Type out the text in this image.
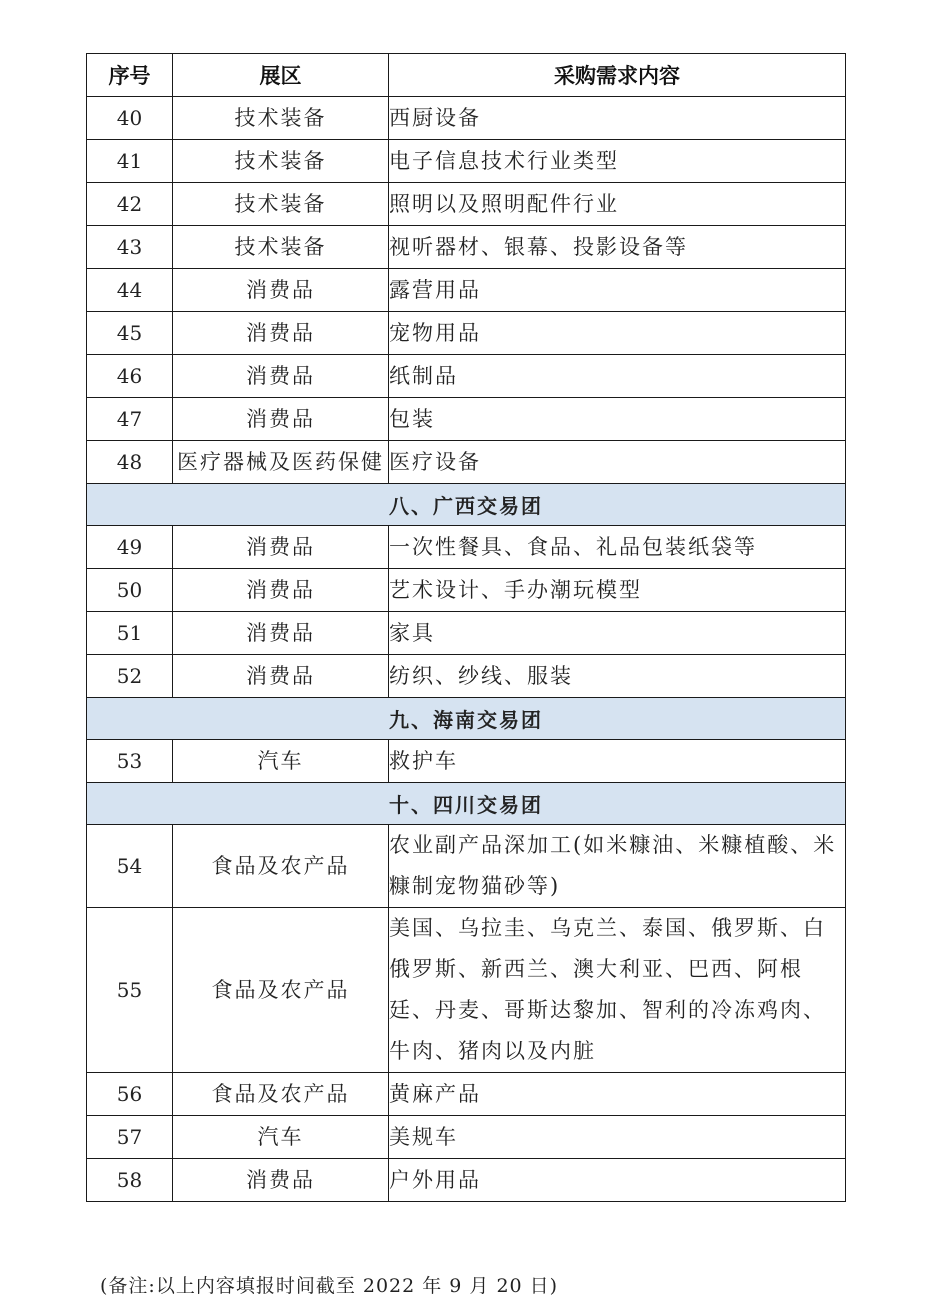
序号	展区	采购需求内容
40	技术装备	西厨设备
41	技术装备	电子信息技术行业类型
42	技术装备	照明以及照明配件行业
43	技术装备	视听器材、银幕、投影设备等
44	消费品	露营用品
45	消费品	宠物用品
46	消费品	纸制品
47	消费品	包装
48	医疗器械及医药保健	医疗设备
八、广西交易团		
49	消费品	一次性餐具、食品、礼品包装纸袋等
50	消费品	艺术设计、手办潮玩模型
51	消费品	家具
52	消费品	纺织、纱线、服装
九、海南交易团		
53	汽车	救护车
十、四川交易团		
54	食品及农产品	农业副产品深加工(如米糠油、米糠植酸、米糠制宠物猫砂等)
55	食品及农产品	美国、乌拉圭、乌克兰、泰国、俄罗斯、白俄罗斯、新西兰、澳大利亚、巴西、阿根廷、丹麦、哥斯达黎加、智利的冷冻鸡肉、牛肉、猪肉以及内脏
56	食品及农产品	黄麻产品
57	汽车	美规车
58	消费品	户外用品
(备注:以上内容填报时间截至 2022 年 9 月 20 日)
